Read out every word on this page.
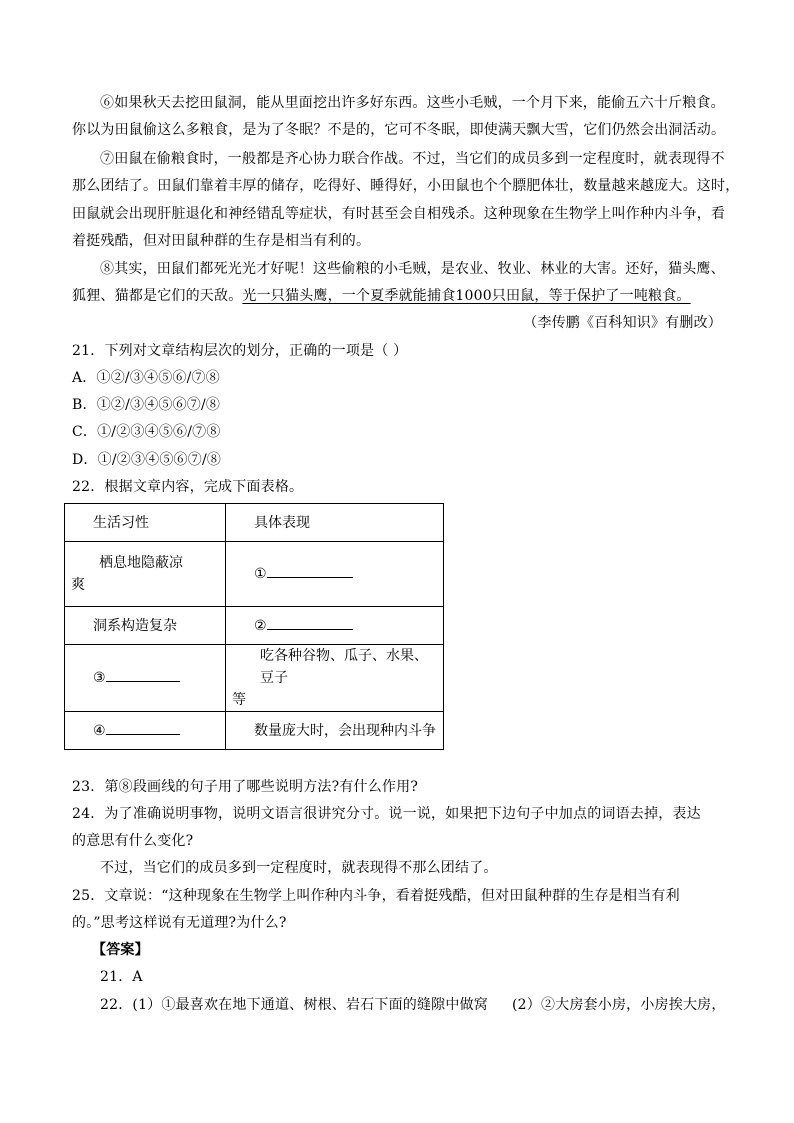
⑥如果秋天去挖田鼠洞，能从里面挖出许多好东西。这些小毛贼，一个月下来，能偷五六十斤粮食。
你以为田鼠偷这么多粮食，是为了冬眠？不是的，它可不冬眠，即使满天飘大雪，它们仍然会出洞活动。
⑦田鼠在偷粮食时，一般都是齐心协力联合作战。不过，当它们的成员多到一定程度时，就表现得不
那么团结了。田鼠们靠着丰厚的储存，吃得好、睡得好，小田鼠也个个膘肥体壮，数量越来越庞大。这时，
田鼠就会出现肝脏退化和神经错乱等症状，有时甚至会自相残杀。这种现象在生物学上叫作种内斗争，看
着挺残酷，但对田鼠种群的生存是相当有利的。
⑧其实，田鼠们都死光光才好呢！这些偷粮的小毛贼，是农业、牧业、林业的大害。还好，猫头鹰、
狐狸、猫都是它们的天敌。光一只猫头鹰，一个夏季就能捕食1000只田鼠，等于保护了一吨粮食。
（李传鹏《百科知识》有删改）
21．下列对文章结构层次的划分，正确的一项是（ ）
A．①②/③④⑤⑥/⑦⑧
B．①②/③④⑤⑥⑦/⑧
C．①/②③④⑤⑥/⑦⑧
D．①/②③④⑤⑥⑦/⑧
22．根据文章内容，完成下面表格。
生活习性	具体表现

栖息地隐蔽凉
爽	①
洞系构造复杂	②
③	吃各种谷物、瓜子、水果、豆子
等

④	数量庞大时，会出现种内斗争
23．第⑧段画线的句子用了哪些说明方法?有什么作用?
24．为了准确说明事物，说明文语言很讲究分寸。说一说，如果把下边句子中加点的词语去掉，表达
的意思有什么变化?
不过，当它们的成员多到一定程度时，就表现得不那么团结了。
25．文章说：“这种现象在生物学上叫作种内斗争，看着挺残酷，但对田鼠种群的生存是相当有利
的。”思考这样说有无道理?为什么?
【答案】
21．A
22．(1）①最喜欢在地下通道、树根、岩石下面的缝隙中做窝 (2）②大房套小房，小房挨大房，
